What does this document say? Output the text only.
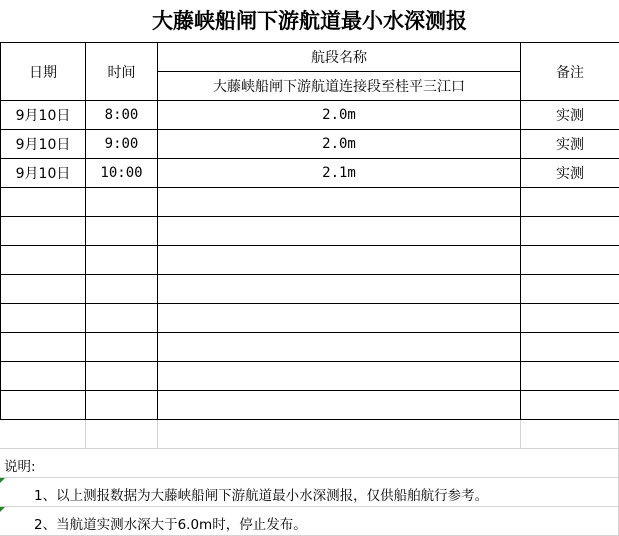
大藤峡船闸下游航道最小水深测报
日期	时间	航段名称	备注
		大藤峡船闸下游航道连接段至桂平三江口	
9月10日	8:00	2.0m	实测
9月10日	9:00	2.0m	实测
9月10日	10:00	2.1m	实测

说明:
1、以上测报数据为大藤峡船闸下游航道最小水深测报，仅供船舶航行参考。
2、当航道实测水深大于6.0m时，停止发布。
